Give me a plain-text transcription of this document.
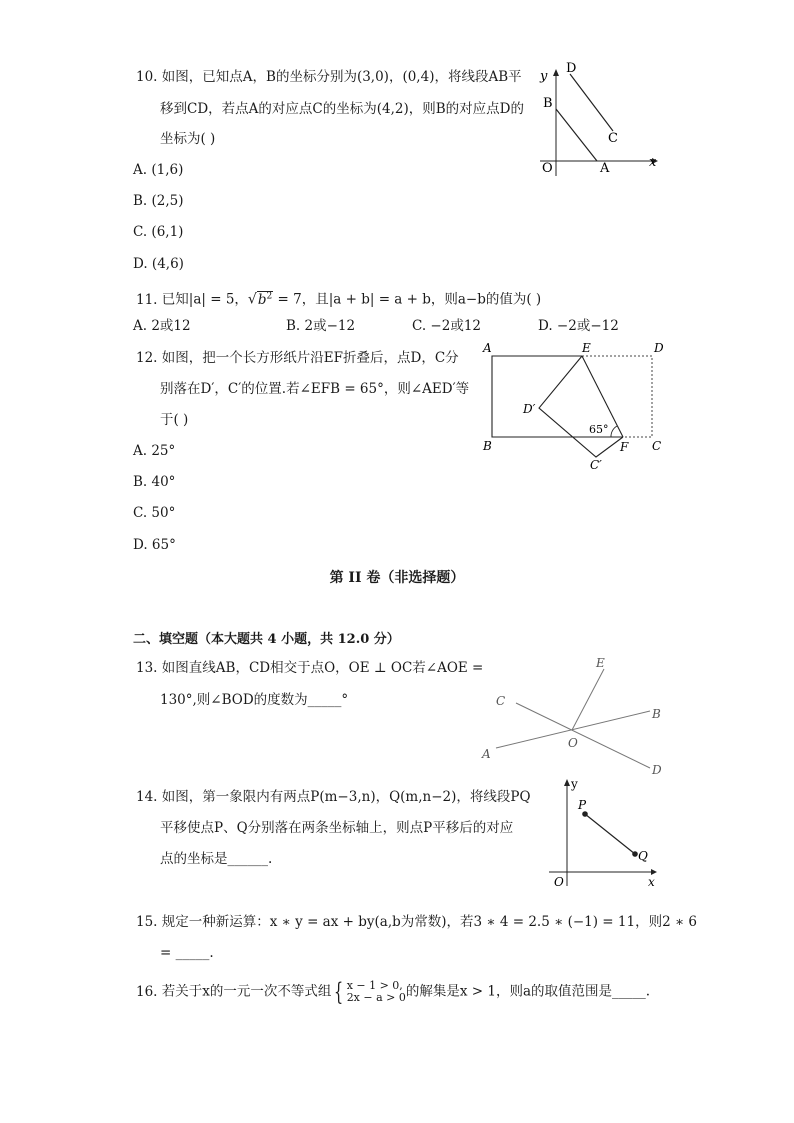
10. 如图，已知点A，B的坐标分别为(3,0)，(0,4)，将线段AB平
移到CD，若点A的对应点C的坐标为(4,2)，则B的对应点D的
坐标为( )
A. (1,6)
B. (2,5)
C. (6,1)
D. (4,6)
y
D
B
C
O	A	x
11. 已知|a| = 5，$√b^2 = 7$，且|a + b| = a + b，则a−b的值为( )
A. 2或12	B. 2或−12	C. −2或12	D. −2或−12
12. 如图，把一个长方形纸片沿EF折叠后，点D，C分
别落在D′，C′的位置.若∠EFB = 65°，则∠AED′等
于( )
A. 25°
B. 40°
C. 50°
D. 65°
A	E	D
D′
65°
B	F C
C′
第 II 卷（非选择题）
二、填空题（本大题共 4 小题，共 12.0 分）
13. 如图直线AB，CD相交于点O，OE ⊥ OC若∠AOE =
130°,则∠BOD的度数为_____°
E
C
B
A
O
D
14. 如图，第一象限内有两点P(m−3,n)，Q(m,n−2)，将线段PQ
平移使点P、Q分别落在两条坐标轴上，则点P平移后的对应
点的坐标是______.
y
P
Q
O	x
15. 规定一种新运算：x ∗ y = ax + by(a,b为常数)，若3 ∗ 4 = 2.5 ∗ (−1) = 11，则2 ∗ 6
= _____.
16. 若关于x的一元一次不等式组 { x − 1 > 0,
2x − a > 0 的解集是x > 1，则a的取值范围是_____.
